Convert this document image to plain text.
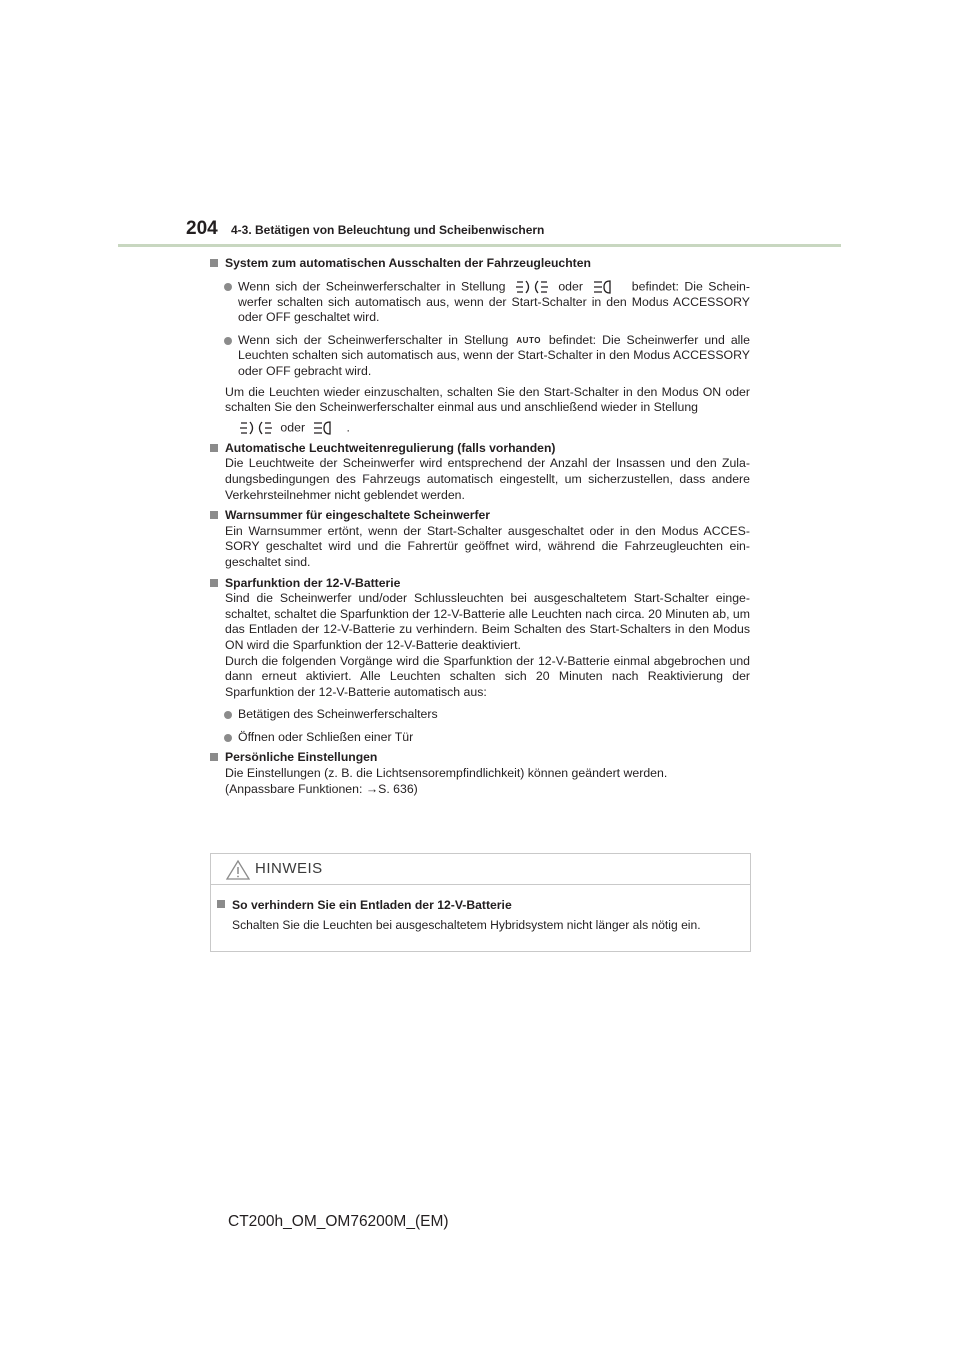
204 4-3. Betätigen von Beleuchtung und Scheibenwischern
System zum automatischen Ausschalten der Fahrzeugleuchten
Wenn sich der Scheinwerferschalter in Stellung	oder	befindet: Die Scheinwerfer schalten sich automatisch aus, wenn der Start-Schalter in den Modus ACCESSORY oder OFF geschaltet wird.
Wenn sich der Scheinwerferschalter in Stellung AUTO befindet: Die Scheinwerfer und alle Leuchten schalten sich automatisch aus, wenn der Start-Schalter in den Modus ACCESSORY oder OFF gebracht wird.
Um die Leuchten wieder einzuschalten, schalten Sie den Start-Schalter in den Modus ON oder schalten Sie den Scheinwerferschalter einmal aus und anschließend wieder in Stellung
oder	.
Automatische Leuchtweitenregulierung (falls vorhanden)
Die Leuchtweite der Scheinwerfer wird entsprechend der Anzahl der Insassen und den Zuladungsbedingungen des Fahrzeugs automatisch eingestellt, um sicherzustellen, dass andere Verkehrsteilnehmer nicht geblendet werden.
Warnsummer für eingeschaltete Scheinwerfer
Ein Warnsummer ertönt, wenn der Start-Schalter ausgeschaltet oder in den Modus ACCESSORY geschaltet wird und die Fahrertür geöffnet wird, während die Fahrzeugleuchten eingeschaltet sind.
Sparfunktion der 12-V-Batterie
Sind die Scheinwerfer und/oder Schlussleuchten bei ausgeschaltetem Start-Schalter eingeschaltet, schaltet die Sparfunktion der 12-V-Batterie alle Leuchten nach circa. 20 Minuten ab, um das Entladen der 12-V-Batterie zu verhindern. Beim Schalten des Start-Schalters in den Modus ON wird die Sparfunktion der 12-V-Batterie deaktiviert.
Durch die folgenden Vorgänge wird die Sparfunktion der 12-V-Batterie einmal abgebrochen und dann erneut aktiviert. Alle Leuchten schalten sich 20 Minuten nach Reaktivierung der Sparfunktion der 12-V-Batterie automatisch aus:
Betätigen des Scheinwerferschalters
Öffnen oder Schließen einer Tür
Persönliche Einstellungen
Die Einstellungen (z. B. die Lichtsensorempfindlichkeit) können geändert werden.
(Anpassbare Funktionen: →S. 636)
HINWEIS
So verhindern Sie ein Entladen der 12-V-Batterie
Schalten Sie die Leuchten bei ausgeschaltetem Hybridsystem nicht länger als nötig ein.
CT200h_OM_OM76200M_(EM)
